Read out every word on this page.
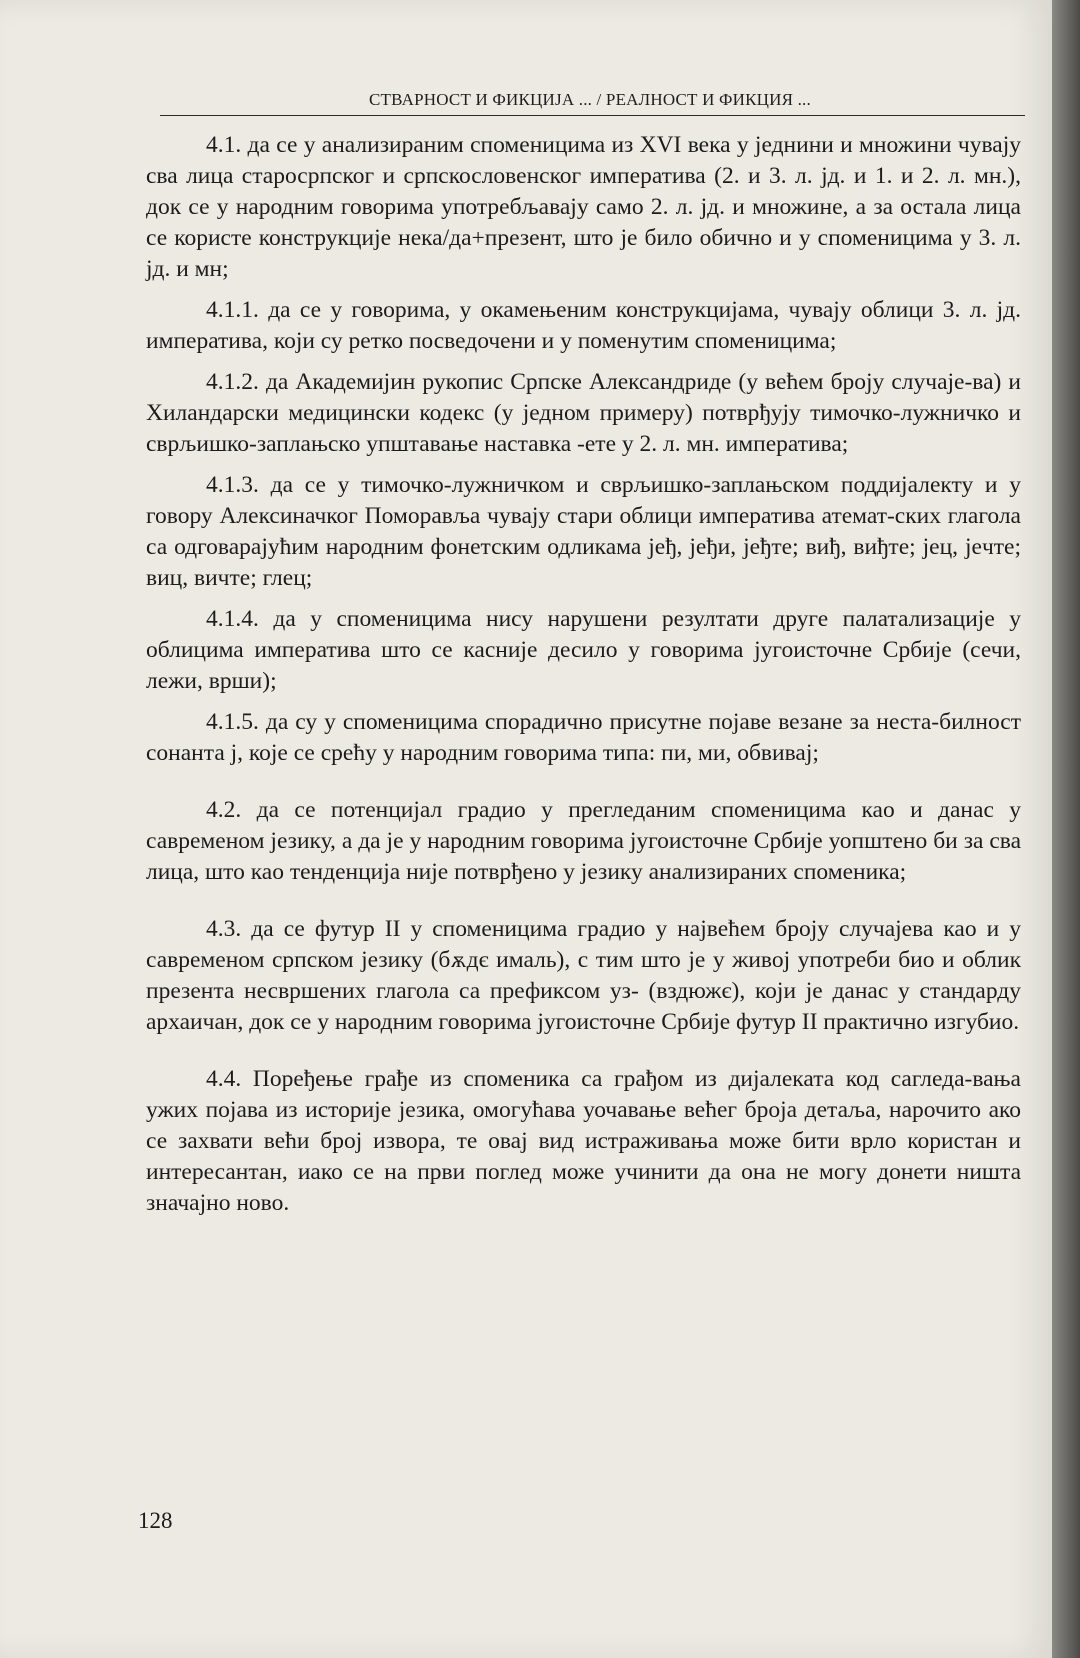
СТВАРНОСТ И ФИКЦИЈА ... / РЕАЛНОСТ И ФИКЦИЯ ...

4.1. да се у анализираним споменицима из XVI века у једнини и множини чувају сва лица старосрпског и српскословенског императива (2. и 3. л. јд. и 1. и 2. л. мн.), док се у народним говорима употребљавају само 2. л. јд. и множине, а за остала лица се користе конструкције нека/да+презент, што је било обично и у споменицима у 3. л. јд. и мн;

4.1.1. да се у говорима, у окамењеним конструкцијама, чувају облици 3. л. јд. императива, који су ретко посведочени и у поменутим споменицима;

4.1.2. да Академијин рукопис Српске Александриде (у већем броју случаје-ва) и Хиландарски медицински кодекс (у једном примеру) потврђују тимочко-лужничко и сврљишко-заплањско упштавање наставка -ете у 2. л. мн. императива;

4.1.3. да се у тимочко-лужничком и сврљишко-заплањском поддијалекту и у говору Алексиначког Поморавља чувају стари облици императива атемат-ских глагола са одговарајућим народним фонетским одликама jeђ, jeђи, jeђте; виђ, виђте; jeц, jeчте; виц, вичте; глец;

4.1.4. да у споменицима нису нарушени резултати друге палатализације у облицима императива што се касније десило у говорима југоисточне Србије (сечи, лежи, врши);

4.1.5. да су у споменицима спорадично присутне појаве везане за неста-билност сонанта j, које се срећу у народним говорима типа: пи, ми, обвивај;

4.2. да се потенцијал градио у прегледаним споменицима као и данас у савременом језику, а да је у народним говорима југоисточне Србије уопштено би за сва лица, што као тенденција није потврђено у језику анализираних споменика;

4.3. да се футур II у споменицима градио у највећем броју случајева као и у савременом српском језику (бѫдє ималь), с тим што је у живој употреби био и облик презента несвршених глагола са префиксом уз- (вздюжє), који је данас у стандарду архаичан, док се у народним говорима југоисточне Србије футур II практично изгубио.

4.4. Поређење грађе из споменика са грађом из дијалеката код сагледа-вања ужих појава из историје језика, омогућава уочавање већег броја детаља, нарочито ако се захвати већи број извора, те овај вид истраживања може бити врло користан и интересантан, иако се на први поглед може учинити да она не могу донети ништа значајно ново.

128
